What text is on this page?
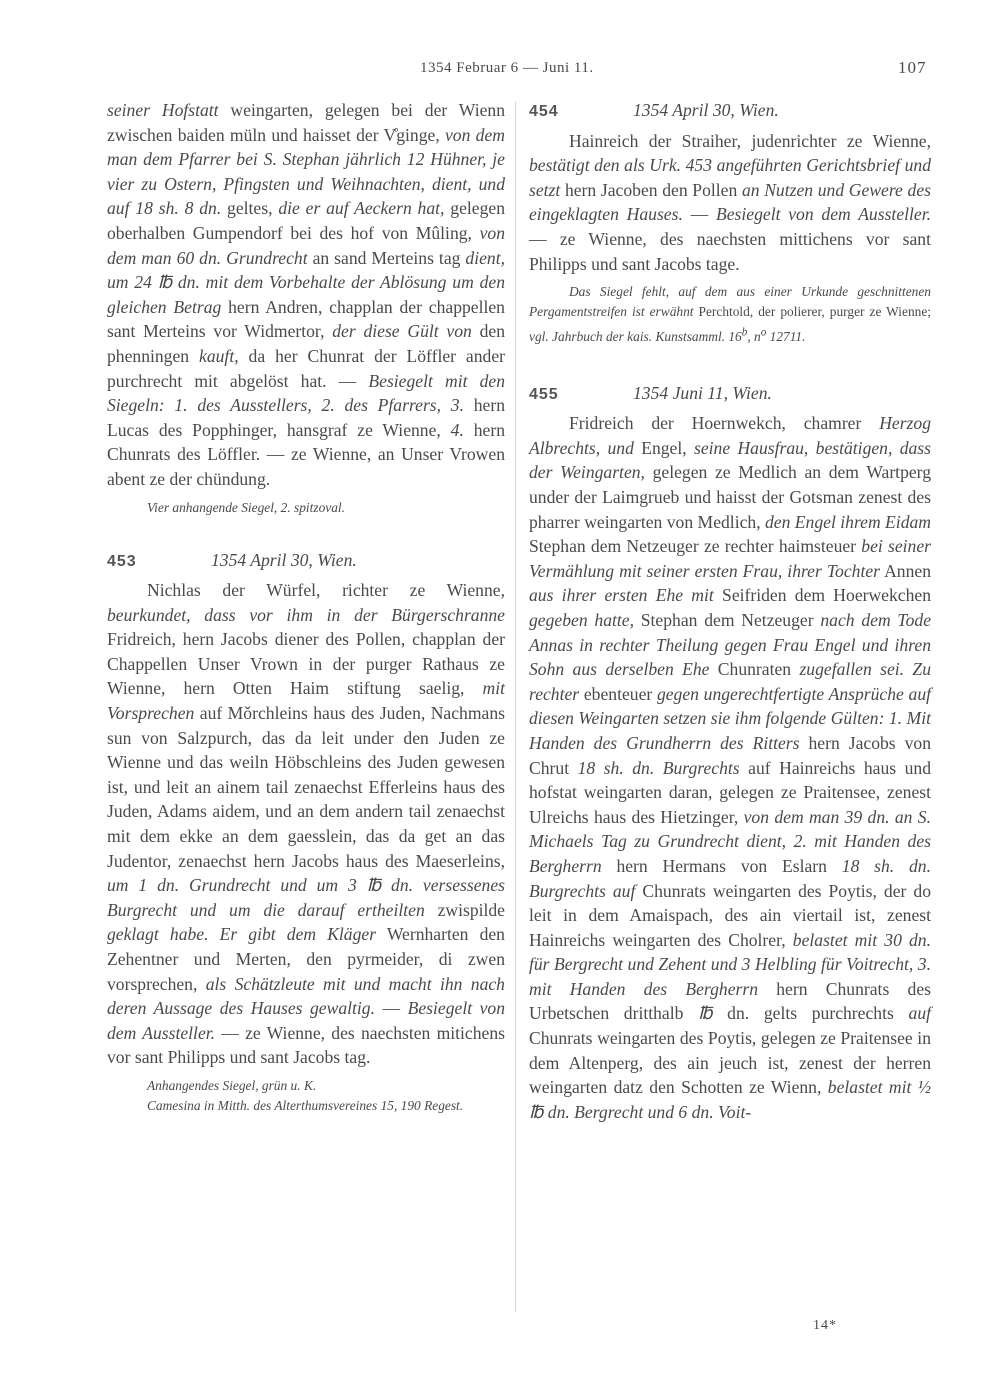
1354 Februar 6 — Juni 11.	107

seiner Hofstatt weingarten, gelegen bei der Wienn zwischen baiden müln und haisset der V̊ginge, von dem man dem Pfarrer bei S. Stephan jährlich 12 Hühner, je vier zu Ostern, Pfingsten und Weihnachten, dient, und auf 18 sh. 8 dn. geltes, die er auf Aeckern hat, gelegen oberhalben Gumpendorf bei des hof von Mûling, von dem man 60 dn. Grundrecht an sand Merteins tag dient, um 24 ℔ dn. mit dem Vorbehalte der Ablösung um den gleichen Betrag hern Andren, chapplan der chappellen sant Merteins vor Widmertor, der diese Gült von den phenningen kauft, da her Chunrat der Löffler ander purchrecht mit abgelöst hat. — Besiegelt mit den Siegeln: 1. des Ausstellers, 2. des Pfarrers, 3. hern Lucas des Popphinger, hansgraf ze Wienne, 4. hern Chunrats des Löffler. — ze Wienne, an Unser Vrowen abent ze der chündung.

Vier anhangende Siegel, 2. spitzoval.

453	1354 April 30, Wien.

Nichlas der Würfel, richter ze Wienne, beurkundet, dass vor ihm in der Bürgerschranne Fridreich, hern Jacobs diener des Pollen, chapplan der Chappellen Unser Vrown in der purger Rathaus ze Wienne, hern Otten Haim stiftung saelig, mit Vorsprechen auf Mǒrchleins haus des Juden, Nachmans sun von Salzpurch, das da leit under den Juden ze Wienne und das weiln Höbschleins des Juden gewesen ist, und leit an ainem tail zenaechst Efferleins haus des Juden, Adams aidem, und an dem andern tail zenaechst mit dem ekke an dem gaesslein, das da get an das Judentor, zenaechst hern Jacobs haus des Maeserleins, um 1 dn. Grundrecht und um 3 ℔ dn. versessenes Burgrecht und um die darauf ertheilten zwispilde geklagt habe. Er gibt dem Kläger Wernharten den Zehentner und Merten, den pyrmeider, di zwen vorsprechen, als Schätzleute mit und macht ihn nach deren Aussage des Hauses gewaltig. — Besiegelt von dem Aussteller. — ze Wienne, des naechsten mitichens vor sant Philipps und sant Jacobs tag.

Anhangendes Siegel, grün u. K.

Camesina in Mitth. des Alterthumsvereines 15, 190 Regest.

454	1354 April 30, Wien.

Hainreich der Straiher, judenrichter ze Wienne, bestätigt den als Urk. 453 angeführten Gerichtsbrief und setzt hern Jacoben den Pollen an Nutzen und Gewere des eingeklagten Hauses. — Besiegelt von dem Aussteller. — ze Wienne, des naechsten mittichens vor sant Philipps und sant Jacobs tage.

Das Siegel fehlt, auf dem aus einer Urkunde geschnittenen Pergamentstreifen ist erwähnt Perchtold, der polierer, purger ze Wienne; vgl. Jahrbuch der kais. Kunstsamml. 16$^b$, $n^o$ 12711.

455	1354 Juni 11, Wien.

Fridreich der Hoernwekch, chamrer Herzog Albrechts, und Engel, seine Hausfrau, bestätigen, dass der Weingarten, gelegen ze Medlich an dem Wartperg under der Laimgrueb und haisst der Gotsman zenest des pharrer weingarten von Medlich, den Engel ihrem Eidam Stephan dem Netzeuger ze rechter haimsteuer bei seiner Vermählung mit seiner ersten Frau, ihrer Tochter Annen aus ihrer ersten Ehe mit Seifriden dem Hoerwekchen gegeben hatte, Stephan dem Netzeuger nach dem Tode Annas in rechter Theilung gegen Frau Engel und ihren Sohn aus derselben Ehe Chunraten zugefallen sei. Zu rechter ebenteuer gegen ungerechtfertigte Ansprüche auf diesen Weingarten setzen sie ihm folgende Gülten: 1. Mit Handen des Grundherrn des Ritters hern Jacobs von Chrut 18 sh. dn. Burgrechts auf Hainreichs haus und hofstat weingarten daran, gelegen ze Praitensee, zenest Ulreichs haus des Hietzinger, von dem man 39 dn. an S. Michaels Tag zu Grundrecht dient, 2. mit Handen des Bergherrn hern Hermans von Eslarn 18 sh. dn. Burgrechts auf Chunrats weingarten des Poytis, der do leit in dem Amaispach, des ain viertail ist, zenest Hainreichs weingarten des Cholrer, belastet mit 30 dn. für Bergrecht und Zehent und 3 Helbling für Voitrecht, 3. mit Handen des Bergherrn hern Chunrats des Urbetschen dritthalb ℔ dn. gelts purchrechts auf Chunrats weingarten des Poytis, gelegen ze Praitensee in dem Altenperg, des ain jeuch ist, zenest der herren weingarten datz den Schotten ze Wienn, belastet mit ½ ℔ dn. Bergrecht und 6 dn. Voit-

14*
